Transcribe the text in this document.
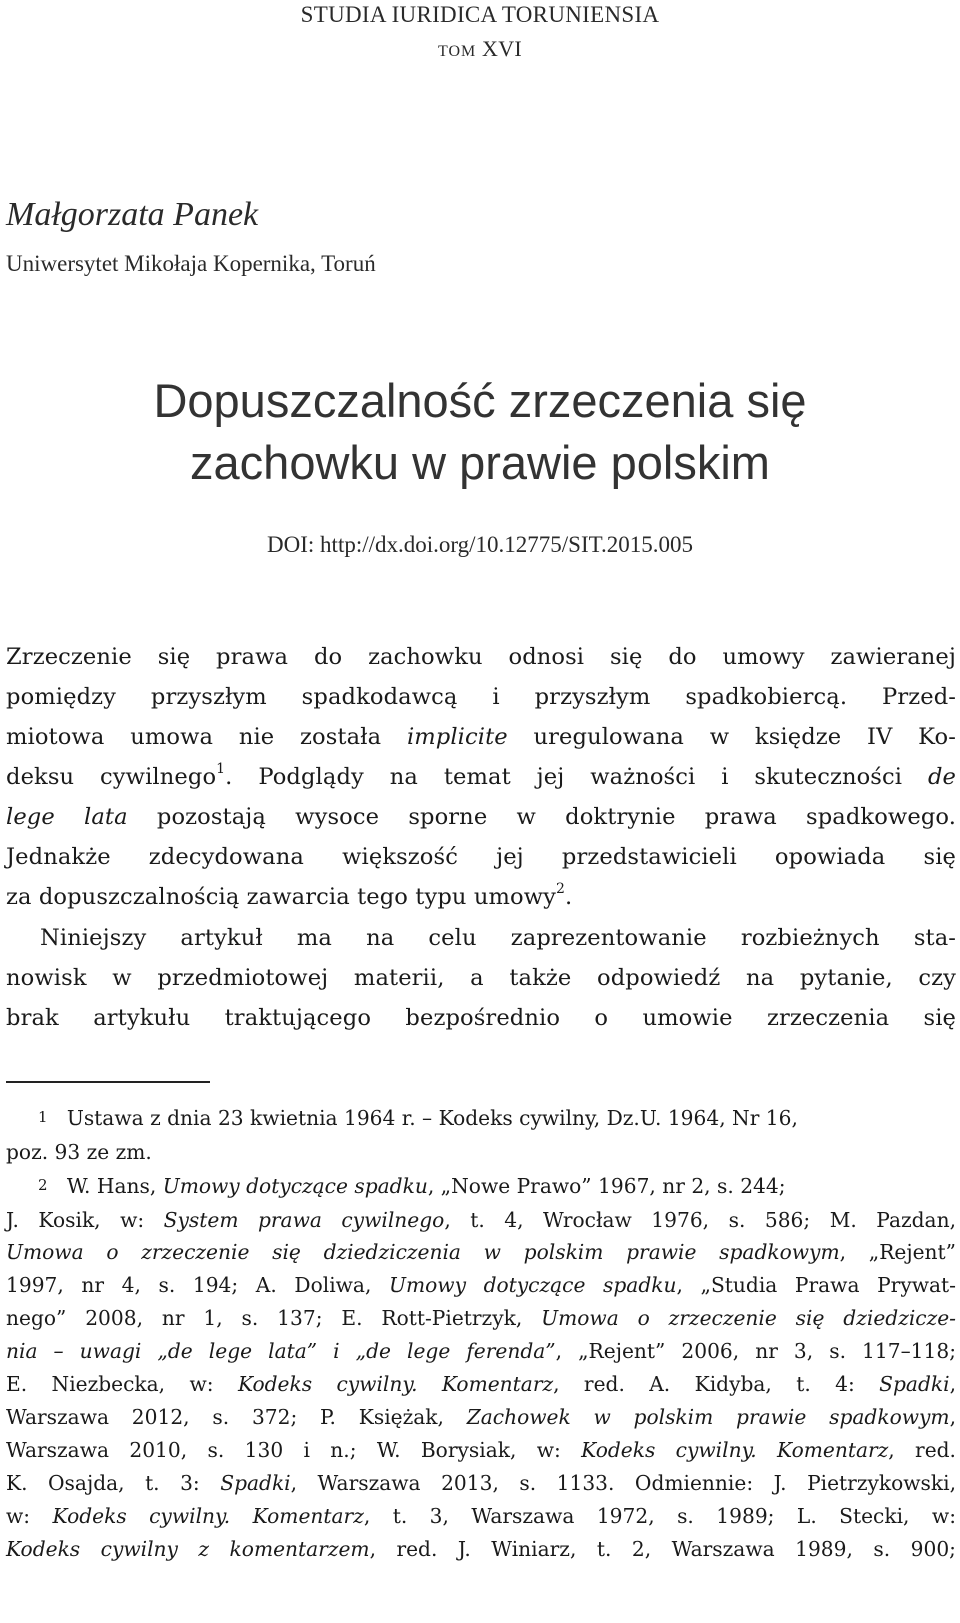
STUDIA IURIDICA TORUNIENSIA
TOM XVI
Małgorzata Panek
Uniwersytet Mikołaja Kopernika, Toruń
Dopuszczalność zrzeczenia się
zachowku w prawie polskim
DOI: http://dx.doi.org/10.12775/SIT.2015.005
Zrzeczenie się prawa do zachowku odnosi się do umowy zawieranej
pomiędzy przyszłym spadkodawcą i przyszłym spadkobiercą. Przed-
miotowa umowa nie została implicite uregulowana w księdze IV Ko-
deksu cywilnego$^1$. Podglądy na temat jej ważności i skuteczności de
lege lata pozostają wysoce sporne w doktrynie prawa spadkowego.
Jednakże zdecydowana większość jej przedstawicieli opowiada się
za dopuszczalnością zawarcia tego typu umowy$^2$.
Niniejszy artykuł ma na celu zaprezentowanie rozbieżnych sta-
nowisk w przedmiotowej materii, a także odpowiedź na pytanie, czy
brak artykułu traktującego bezpośrednio o umowie zrzeczenia się
1 Ustawa z dnia 23 kwietnia 1964 r. – Kodeks cywilny, Dz.U. 1964, Nr 16,
poz. 93 ze zm.
2 W. Hans, Umowy dotyczące spadku, „Nowe Prawo” 1967, nr 2, s. 244;
J. Kosik, w: System prawa cywilnego, t. 4, Wrocław 1976, s. 586; M. Pazdan,
Umowa o zrzeczenie się dziedziczenia w polskim prawie spadkowym, „Rejent”
1997, nr 4, s. 194; A. Doliwa, Umowy dotyczące spadku, „Studia Prawa Prywat-
nego” 2008, nr 1, s. 137; E. Rott-Pietrzyk, Umowa o zrzeczenie się dziedzicze-
nia – uwagi „de lege lata” i „de lege ferenda”, „Rejent” 2006, nr 3, s. 117–118;
E. Niezbecka, w: Kodeks cywilny. Komentarz, red. A. Kidyba, t. 4: Spadki,
Warszawa 2012, s. 372; P. Księżak, Zachowek w polskim prawie spadkowym,
Warszawa 2010, s. 130 i n.; W. Borysiak, w: Kodeks cywilny. Komentarz, red.
K. Osajda, t. 3: Spadki, Warszawa 2013, s. 1133. Odmiennie: J. Pietrzykowski,
w: Kodeks cywilny. Komentarz, t. 3, Warszawa 1972, s. 1989; L. Stecki, w:
Kodeks cywilny z komentarzem, red. J. Winiarz, t. 2, Warszawa 1989, s. 900;
